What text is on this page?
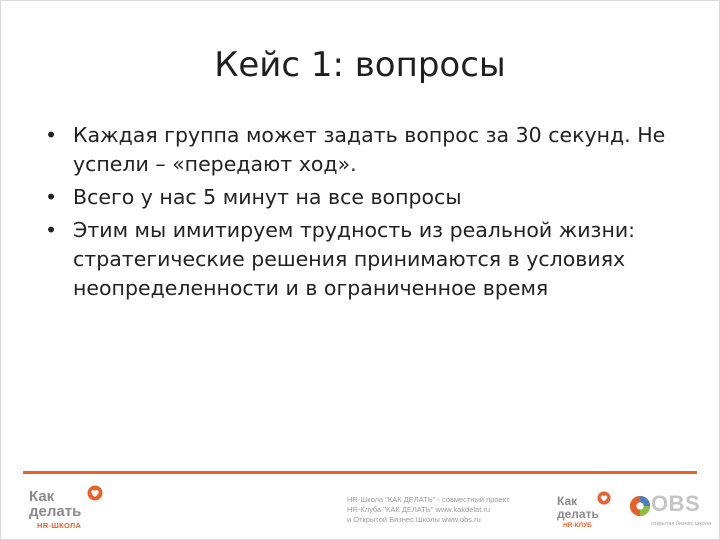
Кейс 1: вопросы
• Каждая группа может задать вопрос за 30 секунд. Не успели – «передают ход».
• Всего у нас 5 минут на все вопросы
• Этим мы имитируем трудность из реальной жизни: стратегические решения принимаются в условиях неопределенности и в ограниченное время
Как
делать
HR-ШКОЛА
HR-Школа "КАК ДЕЛАТЬ" - совместный проект
HR-Клуба "КАК ДЕЛАТЬ" www.kakdelat.ru
и Открытой Бизнес Школы www.obs.ru
Как
делать
HR-КЛУБ
OBS
открытая бизнес школа
